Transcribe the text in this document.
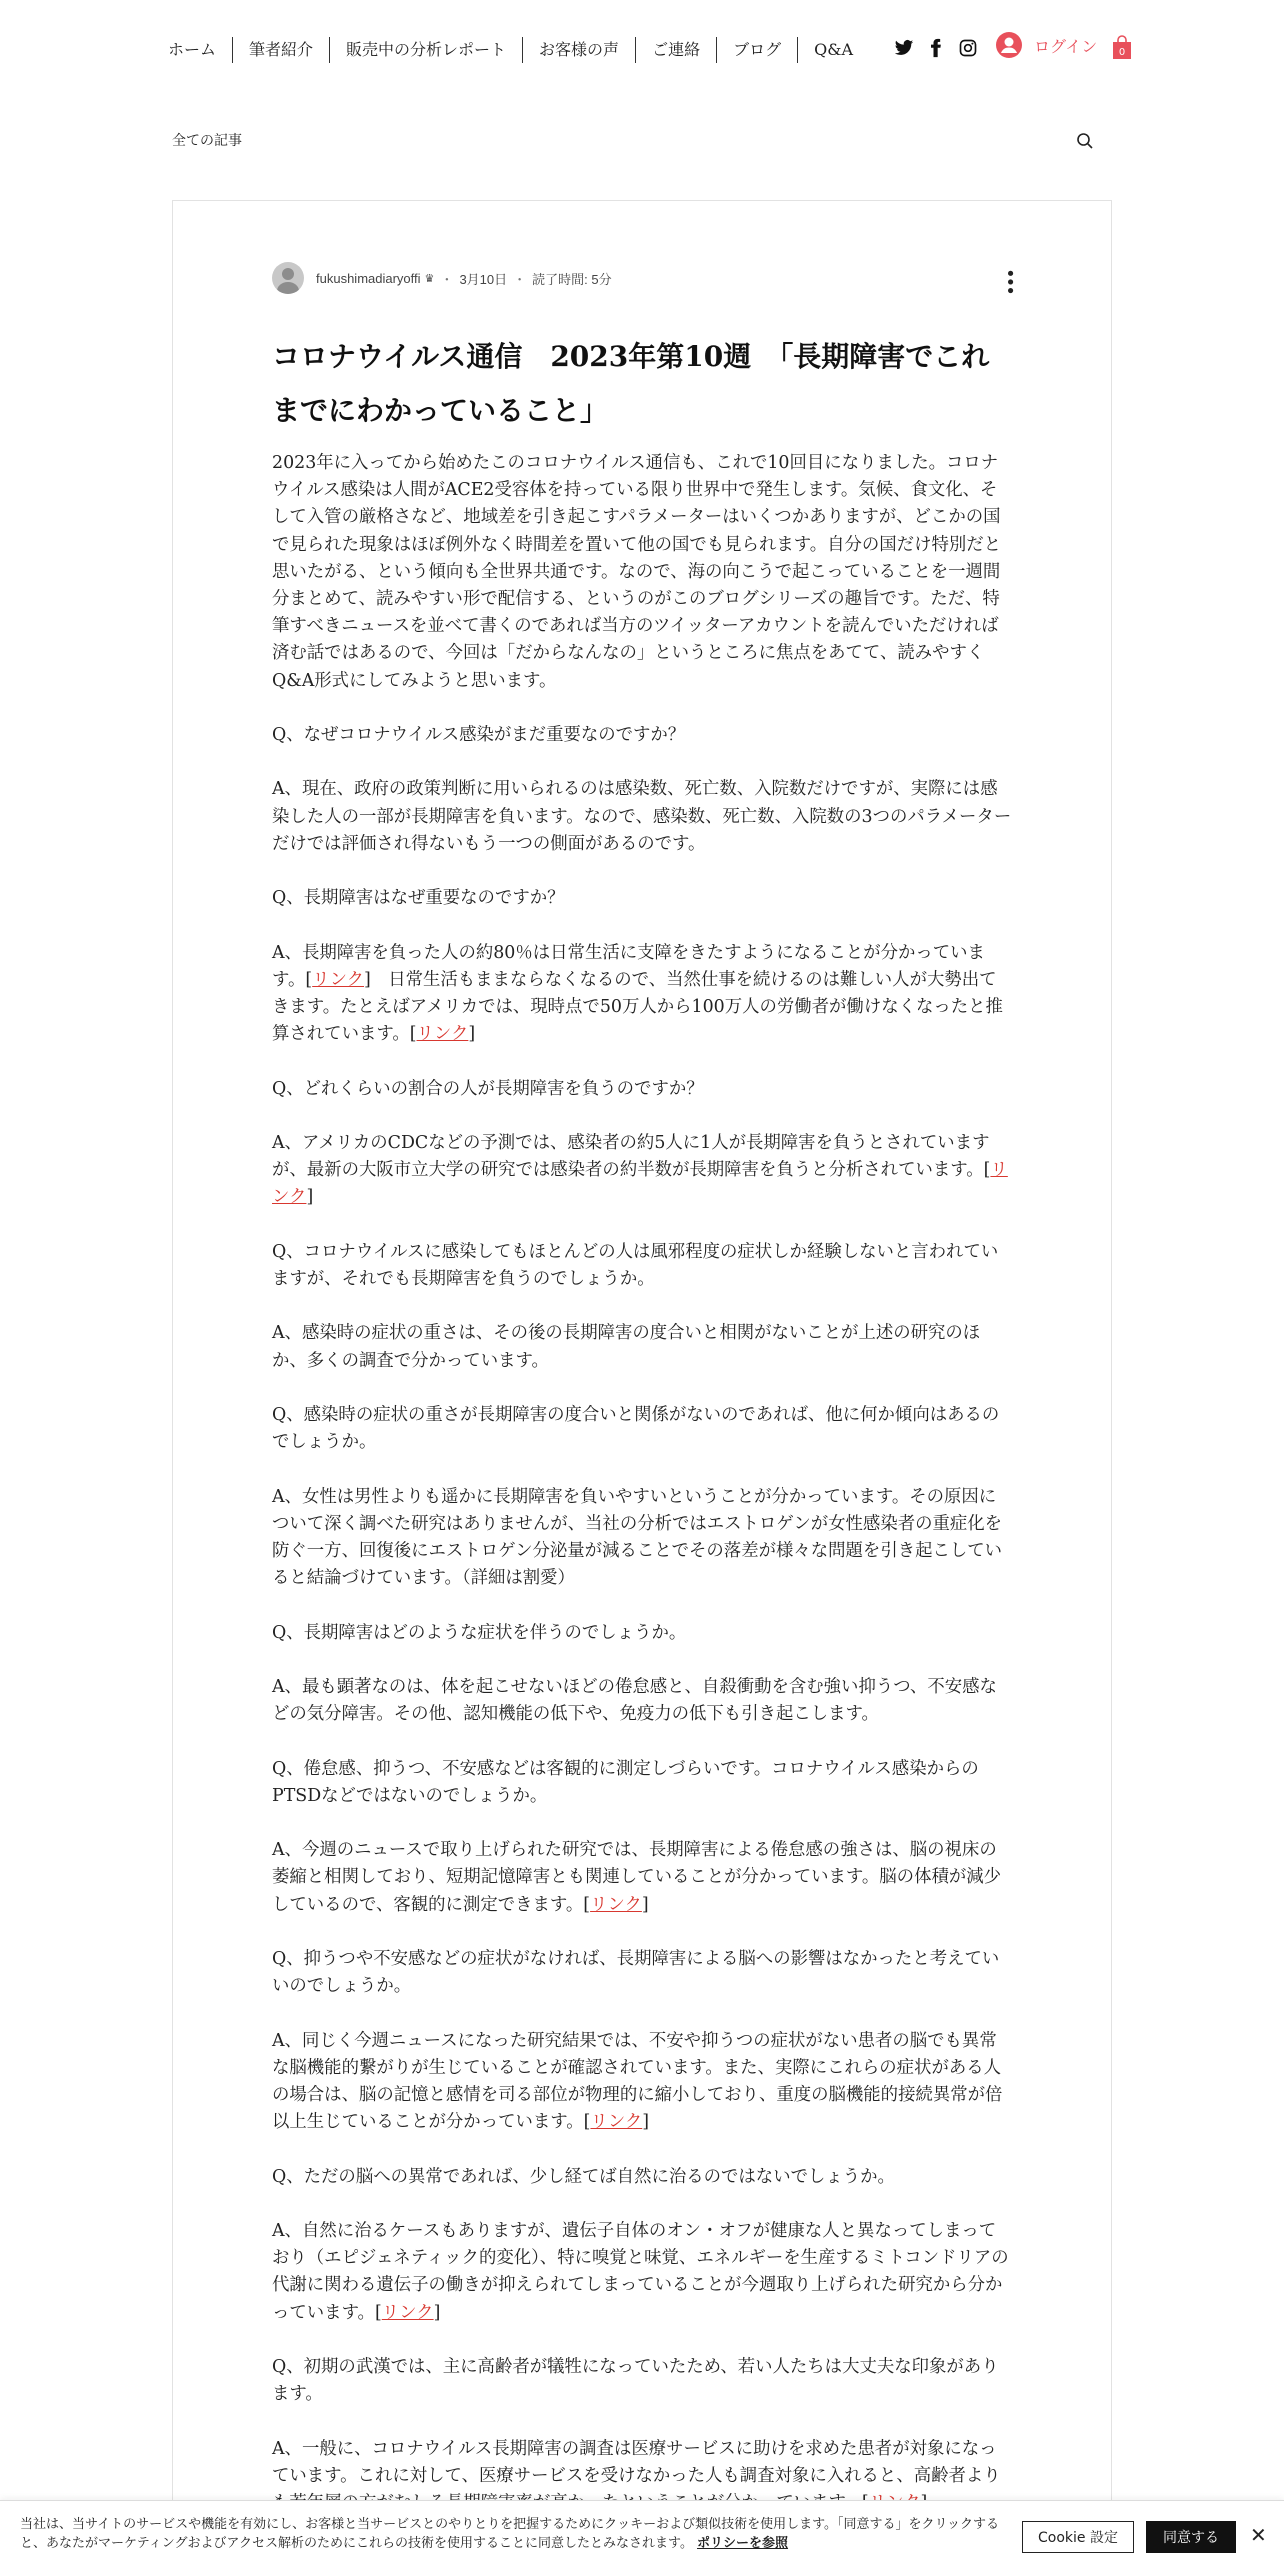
ホーム	筆者紹介	販売中の分析レポート	お客様の声	ご連絡	ブログ	Q&A	ログイン 0
全ての記事
fukushimadiaryoffi ♛ ・ 3月10日 ・ 読了時間: 5分	•••
コロナウイルス通信　2023年第10週　「長期障害でこれまでにわかっていること」

2023年に入ってから始めたこのコロナウイルス通信も、これで10回目になりました。コロナウイルス感染は人間がACE2受容体を持っている限り世界中で発生します。気候、食文化、そして入管の厳格さなど、地域差を引き起こすパラメーターはいくつかありますが、どこかの国で見られた現象はほぼ例外なく時間差を置いて他の国でも見られます。自分の国だけ特別だと思いたがる、という傾向も全世界共通です。なので、海の向こうで起こっていることを一週間分まとめて、読みやすい形で配信する、というのがこのブログシリーズの趣旨です。ただ、特筆すべきニュースを並べて書くのであれば当方のツイッターアカウントを読んでいただければ済む話ではあるので、今回は「だからなんなの」というところに焦点をあてて、読みやすくQ&A形式にしてみようと思います。

Q、なぜコロナウイルス感染がまだ重要なのですか？

A、現在、政府の政策判断に用いられるのは感染数、死亡数、入院数だけですが、実際には感染した人の一部が長期障害を負います。なので、感染数、死亡数、入院数の3つのパラメーターだけでは評価され得ないもう一つの側面があるのです。

Q、長期障害はなぜ重要なのですか？

A、長期障害を負った人の約80％は日常生活に支障をきたすようになることが分かっています。[リンク]　日常生活もままならなくなるので、当然仕事を続けるのは難しい人が大勢出てきます。たとえばアメリカでは、現時点で50万人から100万人の労働者が働けなくなったと推算されています。[リンク]

Q、どれくらいの割合の人が長期障害を負うのですか？

A、アメリカのCDCなどの予測では、感染者の約5人に1人が長期障害を負うとされていますが、最新の大阪市立大学の研究では感染者の約半数が長期障害を負うと分析されています。[リンク]

Q、コロナウイルスに感染してもほとんどの人は風邪程度の症状しか経験しないと言われていますが、それでも長期障害を負うのでしょうか。

A、感染時の症状の重さは、その後の長期障害の度合いと相関がないことが上述の研究のほか、多くの調査で分かっています。

Q、感染時の症状の重さが長期障害の度合いと関係がないのであれば、他に何か傾向はあるのでしょうか。

A、女性は男性よりも遥かに長期障害を負いやすいということが分かっています。その原因について深く調べた研究はありませんが、当社の分析ではエストロゲンが女性感染者の重症化を防ぐ一方、回復後にエストロゲン分泌量が減ることでその落差が様々な問題を引き起こしていると結論づけています。（詳細は割愛）

Q、長期障害はどのような症状を伴うのでしょうか。

A、最も顕著なのは、体を起こせないほどの倦怠感と、自殺衝動を含む強い抑うつ、不安感などの気分障害。その他、認知機能の低下や、免疫力の低下も引き起こします。

Q、倦怠感、抑うつ、不安感などは客観的に測定しづらいです。コロナウイルス感染からのPTSDなどではないのでしょうか。

A、今週のニュースで取り上げられた研究では、長期障害による倦怠感の強さは、脳の視床の萎縮と相関しており、短期記憶障害とも関連していることが分かっています。脳の体積が減少しているので、客観的に測定できます。[リンク]

Q、抑うつや不安感などの症状がなければ、長期障害による脳への影響はなかったと考えていいのでしょうか。

A、同じく今週ニュースになった研究結果では、不安や抑うつの症状がない患者の脳でも異常な脳機能的繋がりが生じていることが確認されています。また、実際にこれらの症状がある人の場合は、脳の記憶と感情を司る部位が物理的に縮小しており、重度の脳機能的接続異常が倍以上生じていることが分かっています。[リンク]

Q、ただの脳への異常であれば、少し経てば自然に治るのではないでしょうか。

A、自然に治るケースもありますが、遺伝子自体のオン・オフが健康な人と異なってしまっており（エピジェネティック的変化）、特に嗅覚と味覚、エネルギーを生産するミトコンドリアの代謝に関わる遺伝子の働きが抑えられてしまっていることが今週取り上げられた研究から分かっています。[リンク]

Q、初期の武漢では、主に高齢者が犠牲になっていたため、若い人たちは大丈夫な印象があります。

A、一般に、コロナウイルス長期障害の調査は医療サービスに助けを求めた患者が対象になっています。これに対して、医療サービスを受けなかった人も調査対象に入れると、高齢者より

当社は、当サイトのサービスや機能を有効にし、お客様と当サービスとのやりとりを把握するためにクッキーおよび類似技術を使用します。「同意する」をクリックすると、あなたがマーケティングおよびアクセス解析のためにこれらの技術を使用することに同意したとみなされます。 ポリシーを参照	Cookie 設定	同意する	✕
